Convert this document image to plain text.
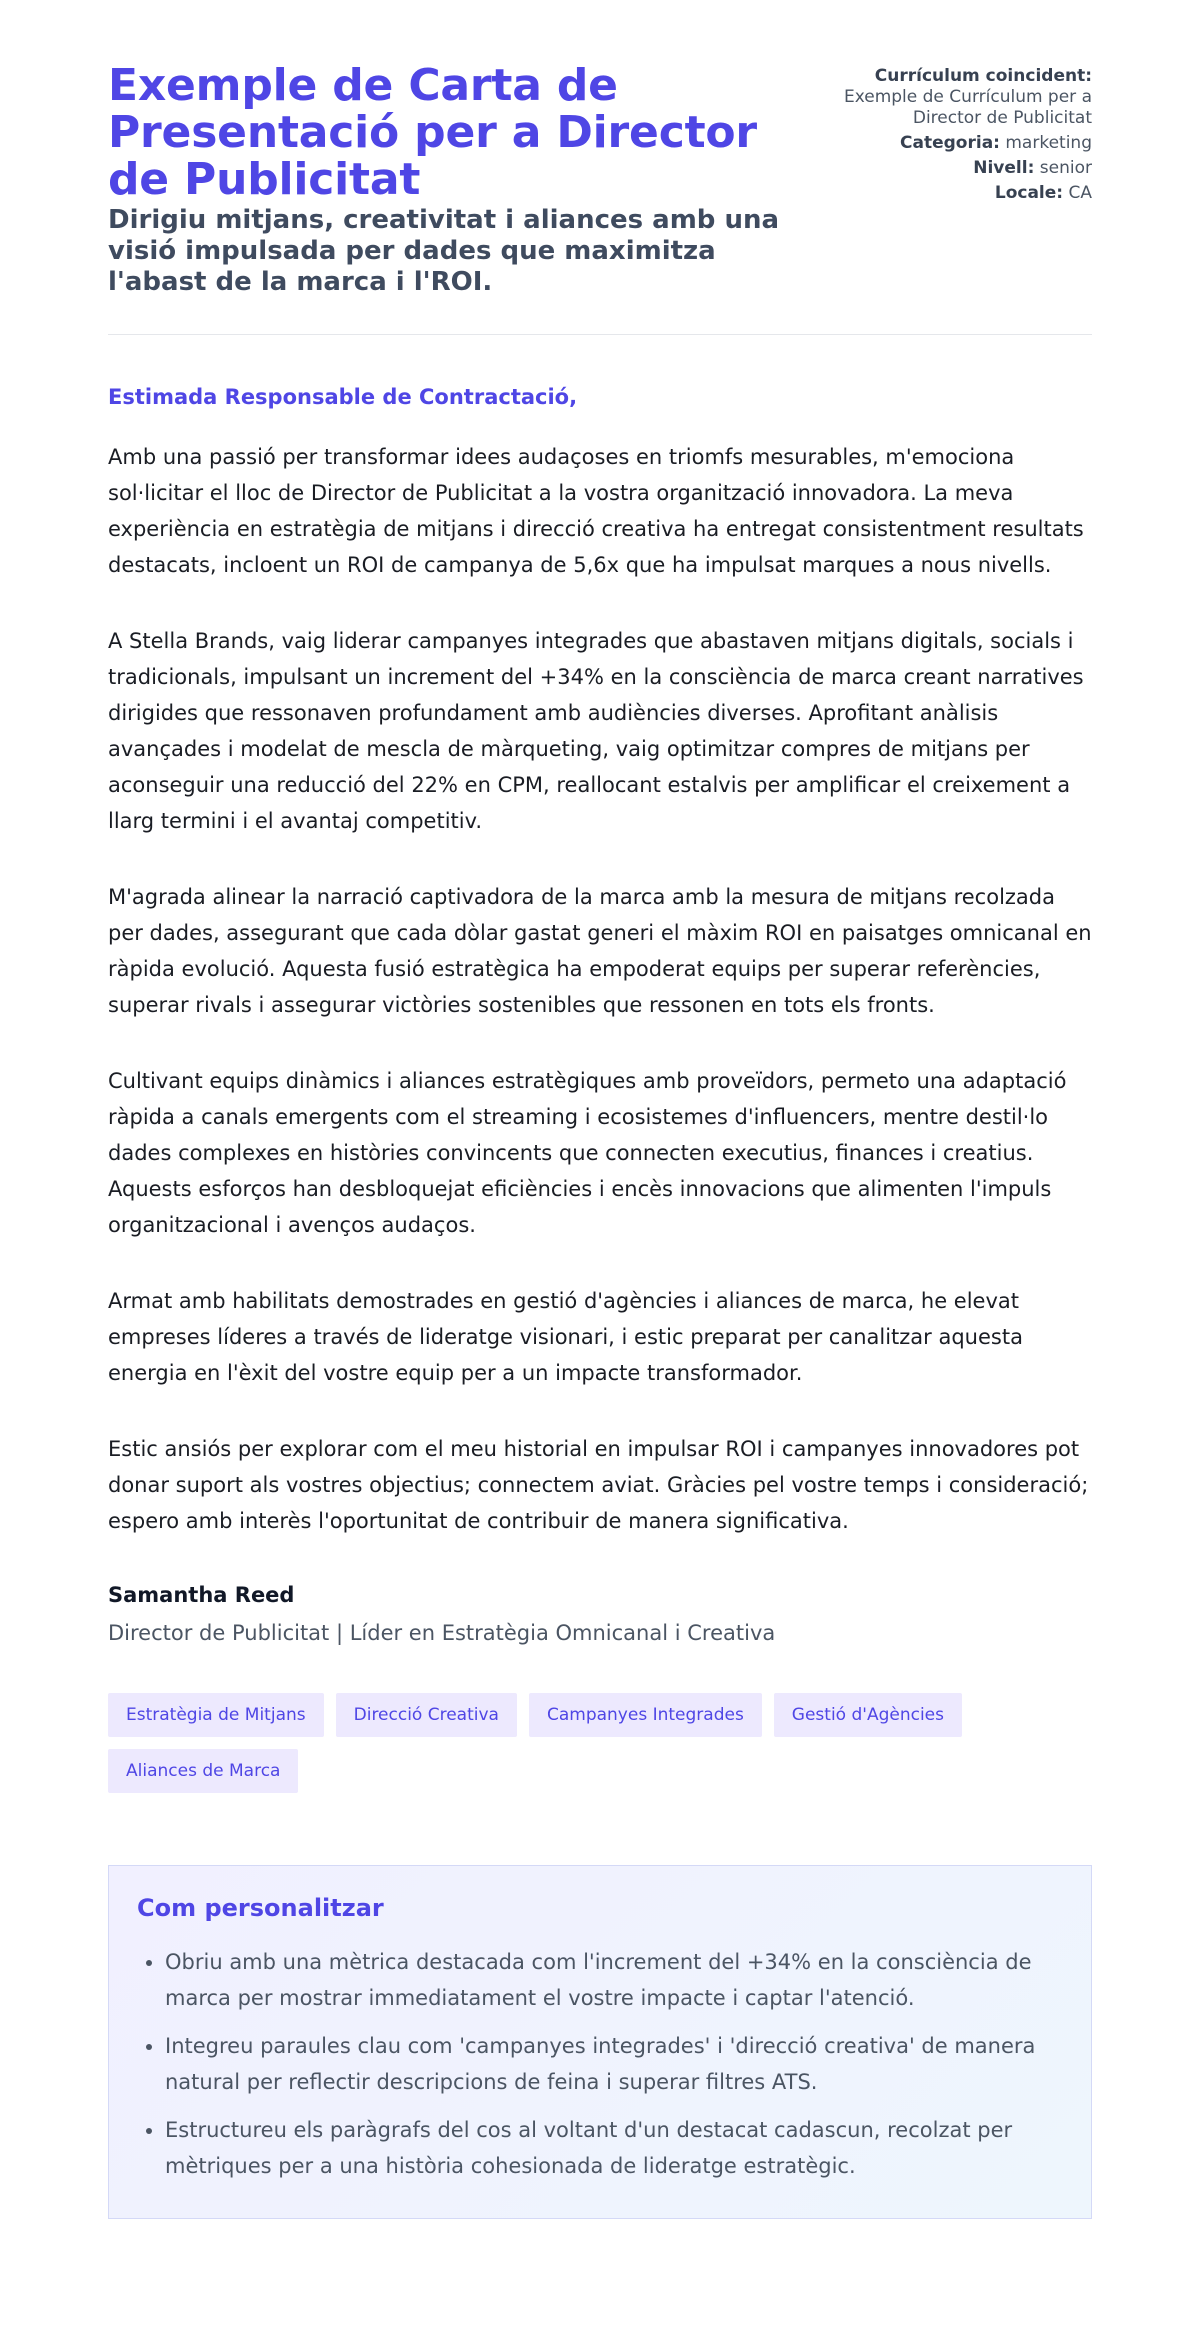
Exemple de Carta de Presentació per a Director de Publicitat
Dirigiu mitjans, creativitat i aliances amb una visió impulsada per dades que maximitza l'abast de la marca i l'ROI.
Currículum coincident:
Exemple de Currículum per a Director de Publicitat
Categoria: marketing
Nivell: senior
Locale: CA
Estimada Responsable de Contractació,

Amb una passió per transformar idees audaçoses en triomfs mesurables, m'emociona sol·licitar el lloc de Director de Publicitat a la vostra organització innovadora. La meva experiència en estratègia de mitjans i direcció creativa ha entregat consistentment resultats destacats, incloent un ROI de campanya de 5,6x que ha impulsat marques a nous nivells.

A Stella Brands, vaig liderar campanyes integrades que abastaven mitjans digitals, socials i tradicionals, impulsant un increment del +34% en la consciència de marca creant narratives dirigides que ressonaven profundament amb audiències diverses. Aprofitant anàlisis avançades i modelat de mescla de màrqueting, vaig optimitzar compres de mitjans per aconseguir una reducció del 22% en CPM, reallocant estalvis per amplificar el creixement a llarg termini i el avantaj competitiv.

M'agrada alinear la narració captivadora de la marca amb la mesura de mitjans recolzada per dades, assegurant que cada dòlar gastat generi el màxim ROI en paisatges omnicanal en ràpida evolució. Aquesta fusió estratègica ha empoderat equips per superar referències, superar rivals i assegurar victòries sostenibles que ressonen en tots els fronts.

Cultivant equips dinàmics i aliances estratègiques amb proveïdors, permeto una adaptació ràpida a canals emergents com el streaming i ecosistemes d'influencers, mentre destil·lo dades complexes en històries convincents que connecten executius, finances i creatius. Aquests esforços han desbloquejat eficiències i encès innovacions que alimenten l'impuls organitzacional i avenços audaços.

Armat amb habilitats demostrades en gestió d'agències i aliances de marca, he elevat empreses líderes a través de lideratge visionari, i estic preparat per canalitzar aquesta energia en l'èxit del vostre equip per a un impacte transformador.

Estic ansiós per explorar com el meu historial en impulsar ROI i campanyes innovadores pot donar suport als vostres objectius; connectem aviat. Gràcies pel vostre temps i consideració; espero amb interès l'oportunitat de contribuir de manera significativa.

Samantha Reed
Director de Publicitat | Líder en Estratègia Omnicanal i Creativa
Estratègia de Mitjans	Direcció Creativa	Campanyes Integrades	Gestió d'Agències
Aliances de Marca
Com personalitzar
• Obriu amb una mètrica destacada com l'increment del +34% en la consciència de marca per mostrar immediatament el vostre impacte i captar l'atenció.
• Integreu paraules clau com 'campanyes integrades' i 'direcció creativa' de manera natural per reflectir descripcions de feina i superar filtres ATS.
• Estructureu els paràgrafs del cos al voltant d'un destacat cadascun, recolzat per mètriques per a una història cohesionada de lideratge estratègic.
